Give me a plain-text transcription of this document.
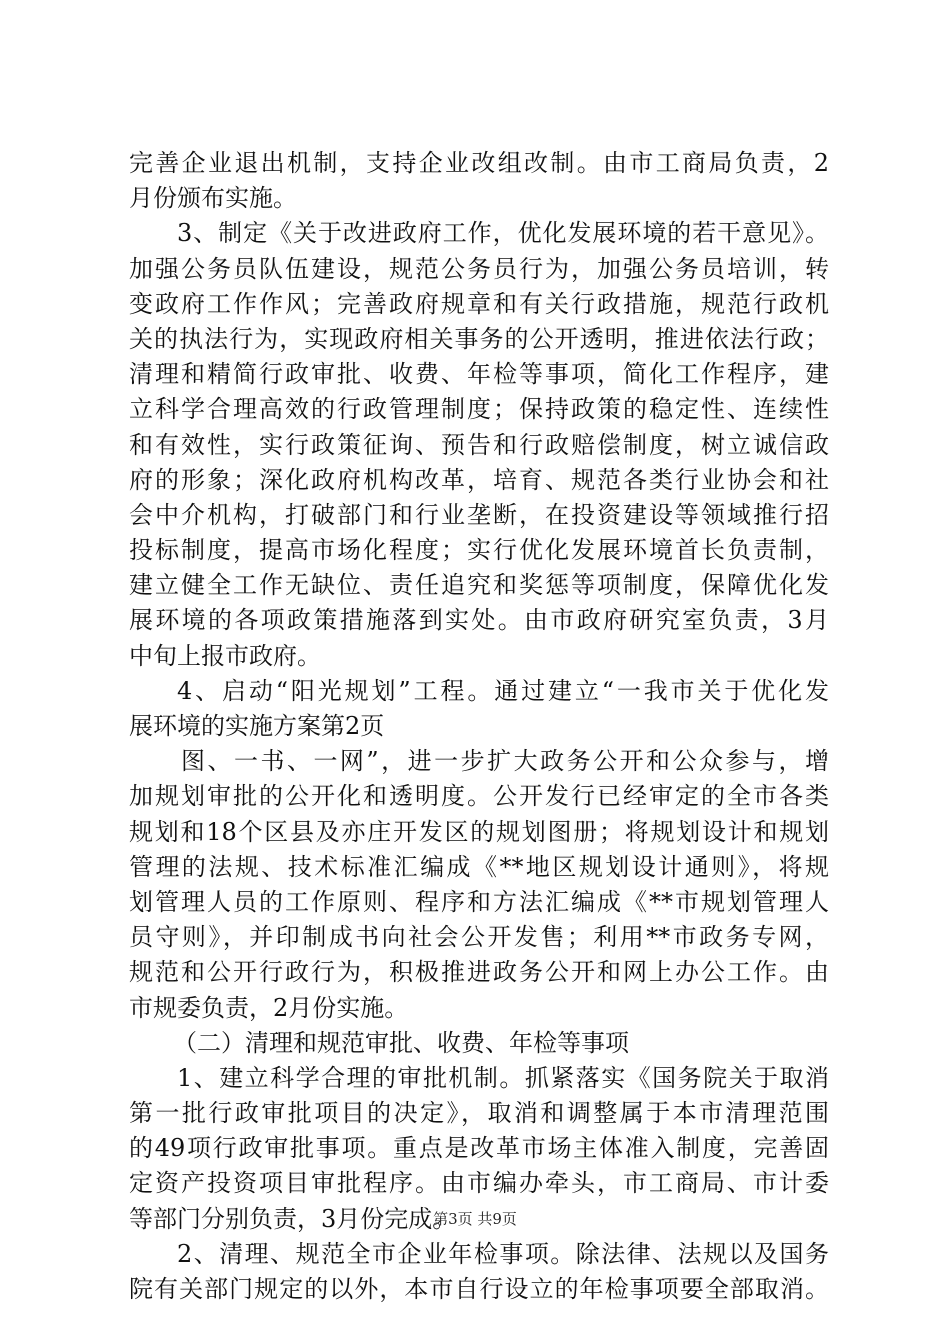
完善企业退出机制，支持企业改组改制。由市工商局负责，2
月份颁布实施。
3、制定《关于改进政府工作，优化发展环境的若干意见》。
加强公务员队伍建设，规范公务员行为，加强公务员培训，转
变政府工作作风；完善政府规章和有关行政措施，规范行政机
关的执法行为，实现政府相关事务的公开透明，推进依法行政；
清理和精简行政审批、收费、年检等事项，简化工作程序，建
立科学合理高效的行政管理制度；保持政策的稳定性、连续性
和有效性，实行政策征询、预告和行政赔偿制度，树立诚信政
府的形象；深化政府机构改革，培育、规范各类行业协会和社
会中介机构，打破部门和行业垄断，在投资建设等领域推行招
投标制度，提高市场化程度；实行优化发展环境首长负责制，
建立健全工作无缺位、责任追究和奖惩等项制度，保障优化发
展环境的各项政策措施落到实处。由市政府研究室负责，3月
中旬上报市政府。
4、启动“阳光规划”工程。通过建立“一我市关于优化发
展环境的实施方案第2页
图、一书、一网”，进一步扩大政务公开和公众参与，增
加规划审批的公开化和透明度。公开发行已经审定的全市各类
规划和18个区县及亦庄开发区的规划图册；将规划设计和规划
管理的法规、技术标准汇编成《**地区规划设计通则》，将规
划管理人员的工作原则、程序和方法汇编成《**市规划管理人
员守则》，并印制成书向社会公开发售；利用**市政务专网，
规范和公开行政行为，积极推进政务公开和网上办公工作。由
市规委负责，2月份实施。
（二）清理和规范审批、收费、年检等事项
1、建立科学合理的审批机制。抓紧落实《国务院关于取消
第一批行政审批项目的决定》，取消和调整属于本市清理范围
的49项行政审批事项。重点是改革市场主体准入制度，完善固
定资产投资项目审批程序。由市编办牵头，市工商局、市计委
等部门分别负责，3月份完成。
2、清理、规范全市企业年检事项。除法律、法规以及国务
院有关部门规定的以外，本市自行设立的年检事项要全部取消。
第3页 共9页
